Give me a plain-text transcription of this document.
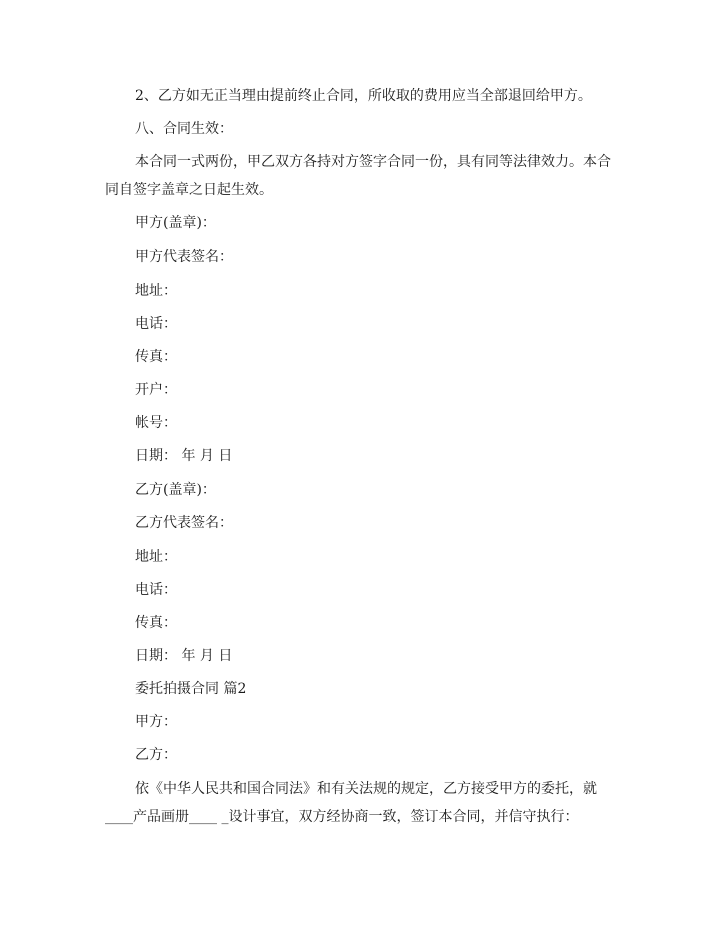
2、乙方如无正当理由提前终止合同，所收取的费用应当全部退回给甲方。
八、合同生效：
本合同一式两份，甲乙双方各持对方签字合同一份，具有同等法律效力。本合
同自签字盖章之日起生效。
甲方(盖章)：
甲方代表签名：
地址：
电话：
传真：
开户：
帐号：
日期： 年 月 日
乙方(盖章)：
乙方代表签名：
地址：
电话：
传真：
日期： 年 月 日
委托拍摄合同 篇2
甲方：
乙方：
依《中华人民共和国合同法》和有关法规的规定，乙方接受甲方的委托，就
____产品画册____ _设计事宜，双方经协商一致，签订本合同，并信守执行：
